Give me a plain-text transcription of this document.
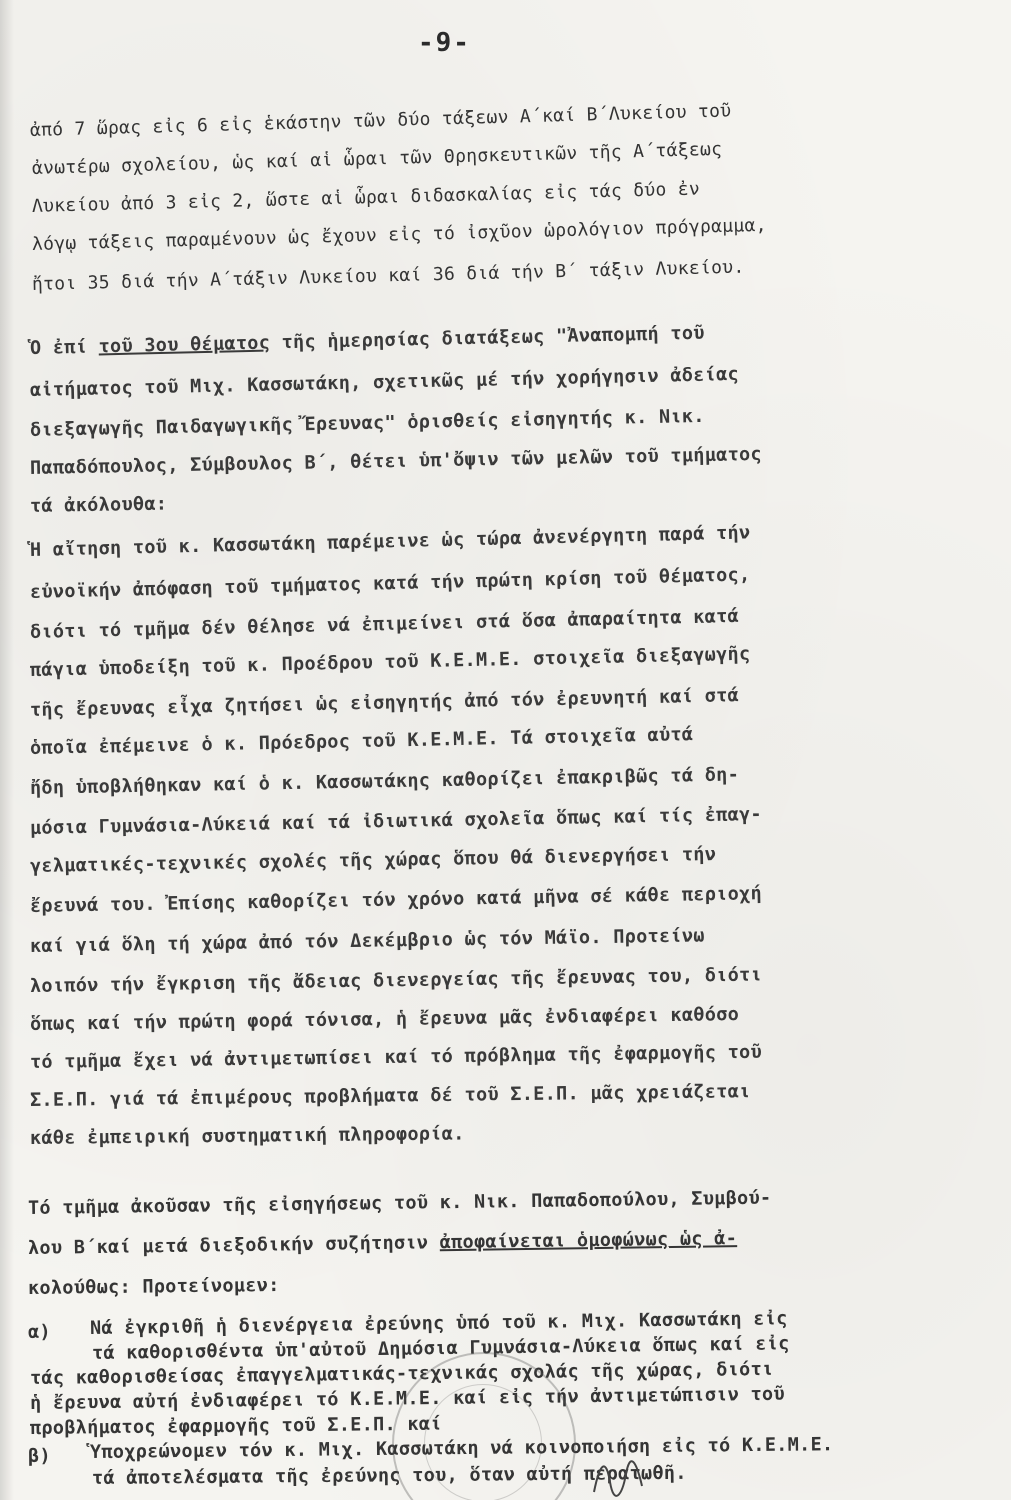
-9-
ἀπό 7 ὥρας εἰς 6 εἰς ἑκάστην τῶν δύο τάξεων Α΄καί Β΄Λυκείου τοῦ
ἀνωτέρω σχολείου, ὡς καί αἱ ὧραι τῶν Θρησκευτικῶν τῆς Α΄τάξεως
Λυκείου ἀπό 3 εἰς 2, ὥστε αἱ ὧραι διδασκαλίας εἰς τάς δύο ἐν
λόγῳ τάξεις παραμένουν ὡς ἔχουν εἰς τό ἰσχῦον ὡρολόγιον πρόγραμμα,
ἤτοι 35 διά τήν Α΄τάξιν Λυκείου καί 36 διά τήν Β΄ τάξιν Λυκείου.
Ὁ ἐπί τοῦ 3ου θέματος τῆς ἡμερησίας διατάξεως "Ἀναπομπή τοῦ
αἰτήματος τοῦ Μιχ. Κασσωτάκη, σχετικῶς μέ τήν χορήγησιν ἀδείας
διεξαγωγῆς Παιδαγωγικῆς Ἔρευνας" ὁρισθείς εἰσηγητής κ. Νικ.
Παπαδόπουλος, Σύμβουλος Β΄, θέτει ὑπ'ὄψιν τῶν μελῶν τοῦ τμήματος
τά ἀκόλουθα:
Ἡ αἴτηση τοῦ κ. Κασσωτάκη παρέμεινε ὡς τώρα ἀνενέργητη παρά τήν
εὐνοϊκήν ἀπόφαση τοῦ τμήματος κατά τήν πρώτη κρίση τοῦ θέματος,
διότι τό τμῆμα δέν θέλησε νά ἐπιμείνει στά ὅσα ἀπαραίτητα κατά
πάγια ὑποδείξη τοῦ κ. Προέδρου τοῦ Κ.Ε.Μ.Ε. στοιχεῖα διεξαγωγῆς
τῆς ἔρευνας εἶχα ζητήσει ὡς εἰσηγητής ἀπό τόν ἐρευνητή καί στά
ὁποῖα ἐπέμεινε ὁ κ. Πρόεδρος τοῦ Κ.Ε.Μ.Ε. Τά στοιχεῖα αὐτά
ἤδη ὑποβλήθηκαν καί ὁ κ. Κασσωτάκης καθορίζει ἐπακριβῶς τά δη-
μόσια Γυμνάσια-Λύκειά καί τά ἰδιωτικά σχολεῖα ὅπως καί τίς ἐπαγ-
γελματικές-τεχνικές σχολές τῆς χώρας ὅπου θά διενεργήσει τήν
ἔρευνά του. Ἐπίσης καθορίζει τόν χρόνο κατά μῆνα σέ κάθε περιοχή
καί γιά ὅλη τή χώρα ἀπό τόν Δεκέμβριο ὡς τόν Μάϊο. Προτείνω
λοιπόν τήν ἔγκριση τῆς ἄδειας διενεργείας τῆς ἔρευνας του, διότι
ὅπως καί τήν πρώτη φορά τόνισα, ἡ ἔρευνα μᾶς ἐνδιαφέρει καθόσο
τό τμῆμα ἔχει νά ἀντιμετωπίσει καί τό πρόβλημα τῆς ἐφαρμογῆς τοῦ
Σ.Ε.Π. γιά τά ἐπιμέρους προβλήματα δέ τοῦ Σ.Ε.Π. μᾶς χρειάζεται
κάθε ἐμπειρική συστηματική πληροφορία.
Τό τμῆμα ἀκοῦσαν τῆς εἰσηγήσεως τοῦ κ. Νικ. Παπαδοπούλου, Συμβού-
λου Β΄καί μετά διεξοδικήν συζήτησιν ἀποφαίνεται ὁμοφώνως ὡς ἀ-
κολούθως: Προτείνομεν:
α) Νά ἐγκριθῆ ἡ διενέργεια ἐρεύνης ὑπό τοῦ κ. Μιχ. Κασσωτάκη εἰς
τά καθορισθέντα ὑπ'αὐτοῦ Δημόσια Γυμνάσια-Λύκεια ὅπως καί εἰς
τάς καθορισθείσας ἐπαγγελματικάς-τεχνικάς σχολάς τῆς χώρας, διότι
ἡ ἔρευνα αὐτή ἐνδιαφέρει τό Κ.Ε.Μ.Ε. καί εἰς τήν ἀντιμετώπισιν τοῦ
προβλήματος ἐφαρμογῆς τοῦ Σ.Ε.Π. καί
β) Ὑποχρεώνομεν τόν κ. Μιχ. Κασσωτάκη νά κοινοποιήση εἰς τό Κ.Ε.Μ.Ε.
τά ἀποτελέσματα τῆς ἐρεύνης του, ὅταν αὐτή περατωθῆ.
